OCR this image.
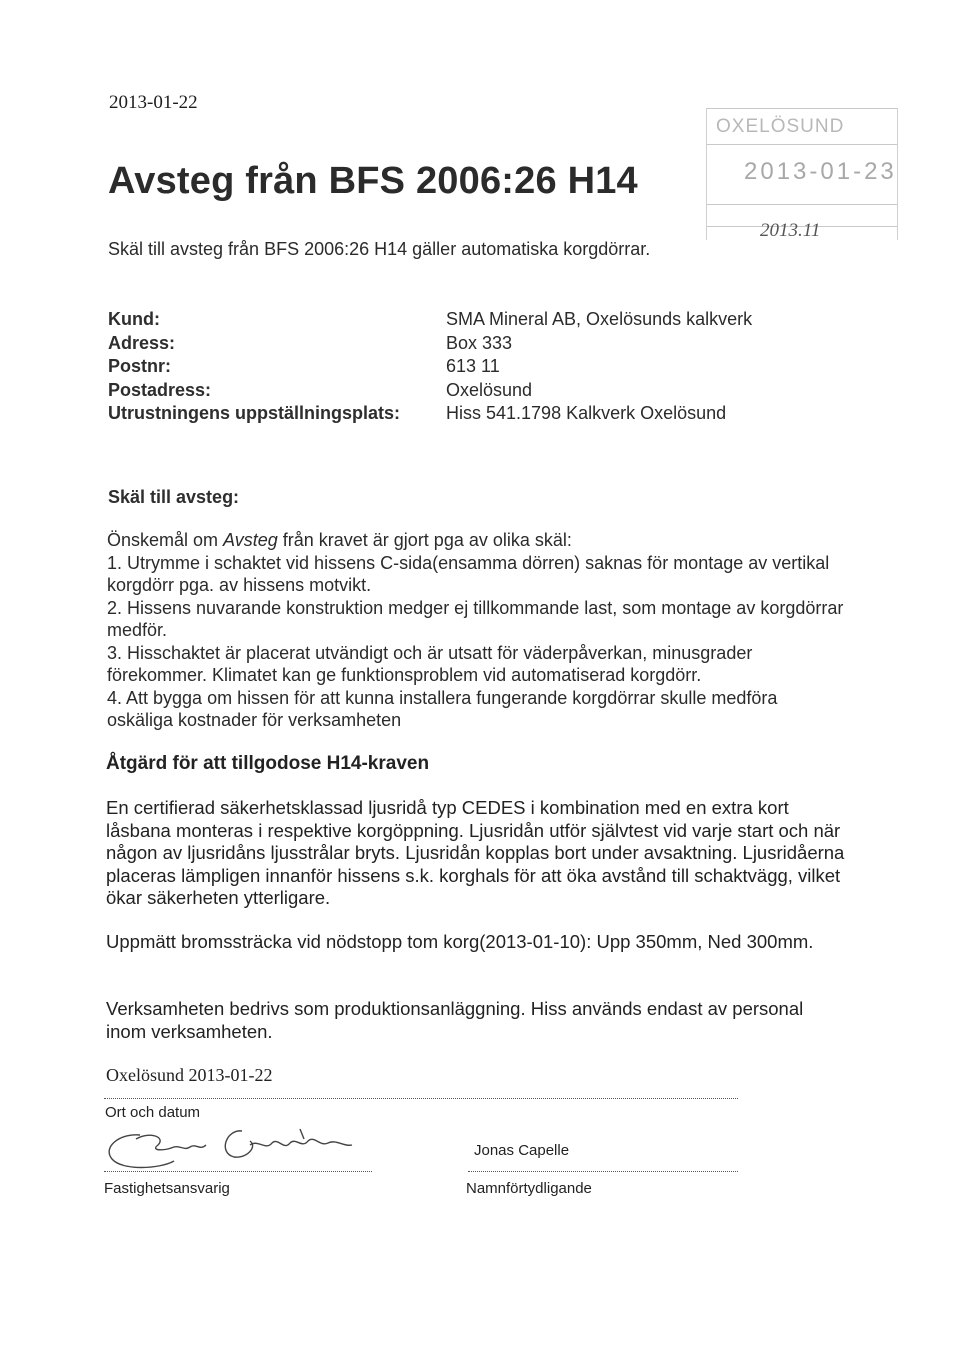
2013-01-22
Avsteg från BFS 2006:26 H14
Skäl till avsteg från BFS 2006:26 H14 gäller automatiska korgdörrar.
OXELÖSUND
2013-01-23
2013.11
Kund:	SMA Mineral AB, Oxelösunds kalkverk
Adress:	Box 333
Postnr:	613 11
Postadress:	Oxelösund
Utrustningens uppställningsplats:	Hiss 541.1798 Kalkverk Oxelösund
Skäl till avsteg:

Önskemål om Avsteg från kravet är gjort pga av olika skäl:

1. Utrymme i schaktet vid hissens C-sida(ensamma dörren) saknas för montage av vertikal korgdörr pga. av hissens motvikt.

2. Hissens nuvarande konstruktion medger ej tillkommande last, som montage av korgdörrar medför.

3. Hisschaktet är placerat utvändigt och är utsatt för väderpåverkan, minusgrader förekommer. Klimatet kan ge funktionsproblem vid automatiserad korgdörr.

4. Att bygga om hissen för att kunna installera fungerande korgdörrar skulle medföra oskäliga kostnader för verksamheten

Åtgärd för att tillgodose H14-kraven

En certifierad säkerhetsklassad ljusridå typ CEDES i kombination med en extra kort låsbana monteras i respektive korgöppning. Ljusridån utför självtest vid varje start och när någon av ljusridåns ljusstrålar bryts. Ljusridån kopplas bort under avsaktning. Ljusridåerna placeras lämpligen innanför hissens s.k. korghals för att öka avstånd till schaktvägg, vilket ökar säkerheten ytterligare.

Uppmätt bromssträcka vid nödstopp tom korg(2013-01-10): Upp 350mm, Ned 300mm.

Verksamheten bedrivs som produktionsanläggning. Hiss används endast av personal inom verksamheten.

Oxelösund 2013-01-22
Ort och datum
Fastighetsansvarig
Jonas Capelle
Namnförtydligande
